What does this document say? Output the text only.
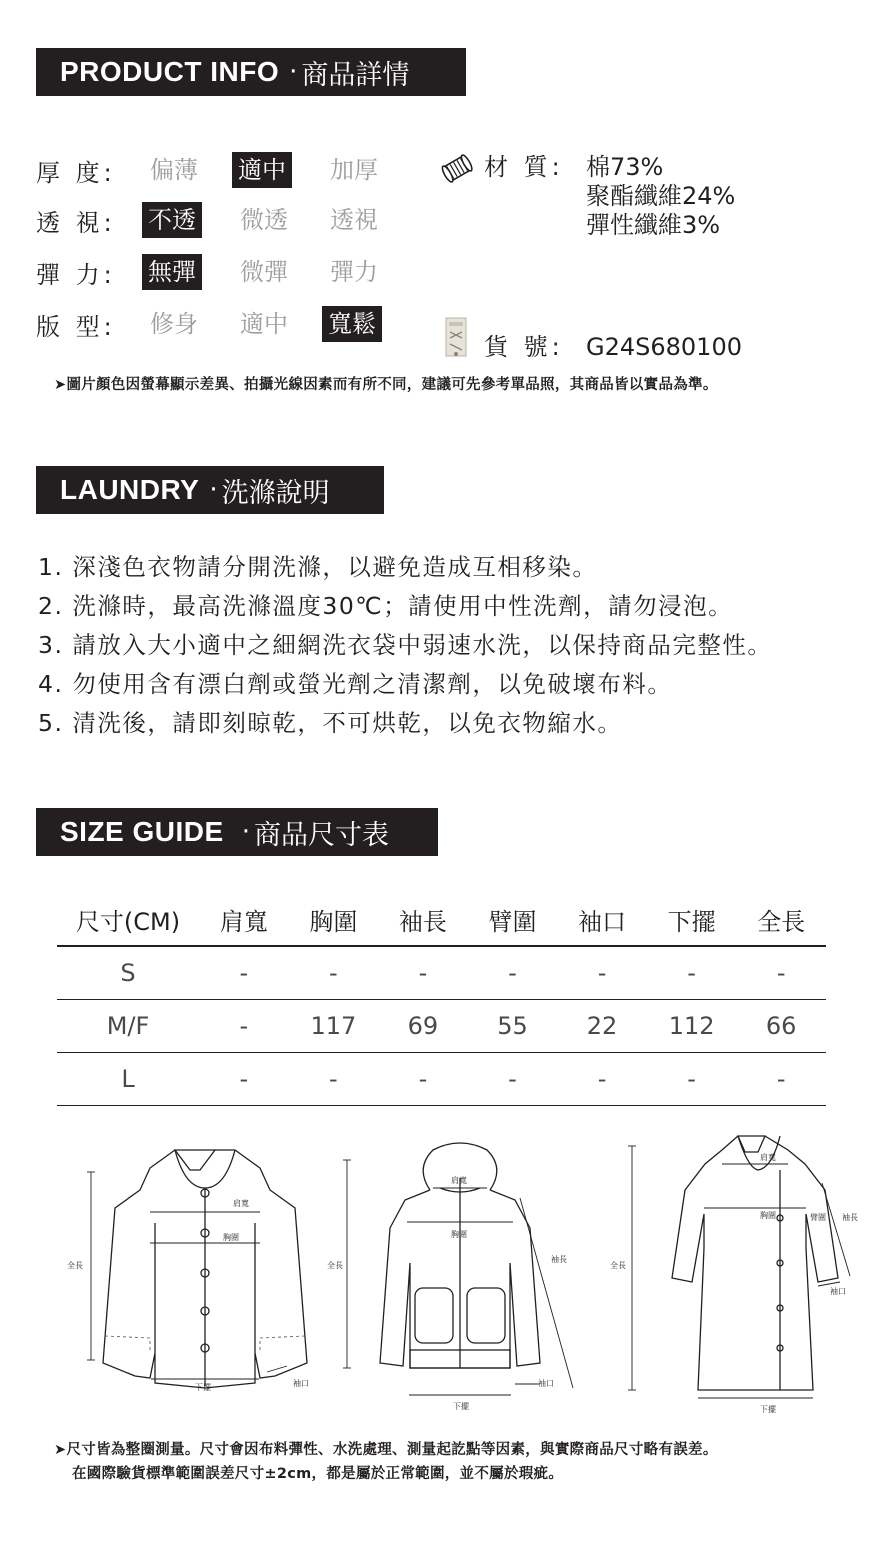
PRODUCT INFO · 商品詳情
厚 度:	偏薄 適中 加厚
透 視:	不透 微透 透視
彈 力:	無彈 微彈 彈力
版 型:	修身 適中 寬鬆
材 質: 棉73%
聚酯纖維24%
彈性纖維3%
貨 號: G24S680100
➤圖片顏色因螢幕顯示差異、拍攝光線因素而有所不同，建議可先參考單品照，其商品皆以實品為準。
LAUNDRY · 洗滌說明
1. 深淺色衣物請分開洗滌，以避免造成互相移染。
2. 洗滌時，最高洗滌溫度30℃；請使用中性洗劑，請勿浸泡。
3. 請放入大小適中之細網洗衣袋中弱速水洗，以保持商品完整性。
4. 勿使用含有漂白劑或螢光劑之清潔劑，以免破壞布料。
5. 清洗後，請即刻晾乾，不可烘乾，以免衣物縮水。
SIZE GUIDE · 商品尺寸表
尺寸(CM)	肩寬	胸圍	袖長	臂圍	袖口	下擺	全長
S	-	-	-	-	-	-	-
M/F	-	117	69	55	22	112	66
L	-	-	-	-	-	-	-
肩寬
胸圍
全長
下擺	袖口
肩寬
胸圍
全長
袖長
下擺
袖口
肩寬
胸圍	臂圍
全長
袖長
袖口
下擺
➤尺寸皆為整圈測量。尺寸會因布料彈性、水洗處理、測量起訖點等因素，與實際商品尺寸略有誤差。
在國際驗貨標準範圍誤差尺寸±2cm，都是屬於正常範圍，並不屬於瑕疵。
